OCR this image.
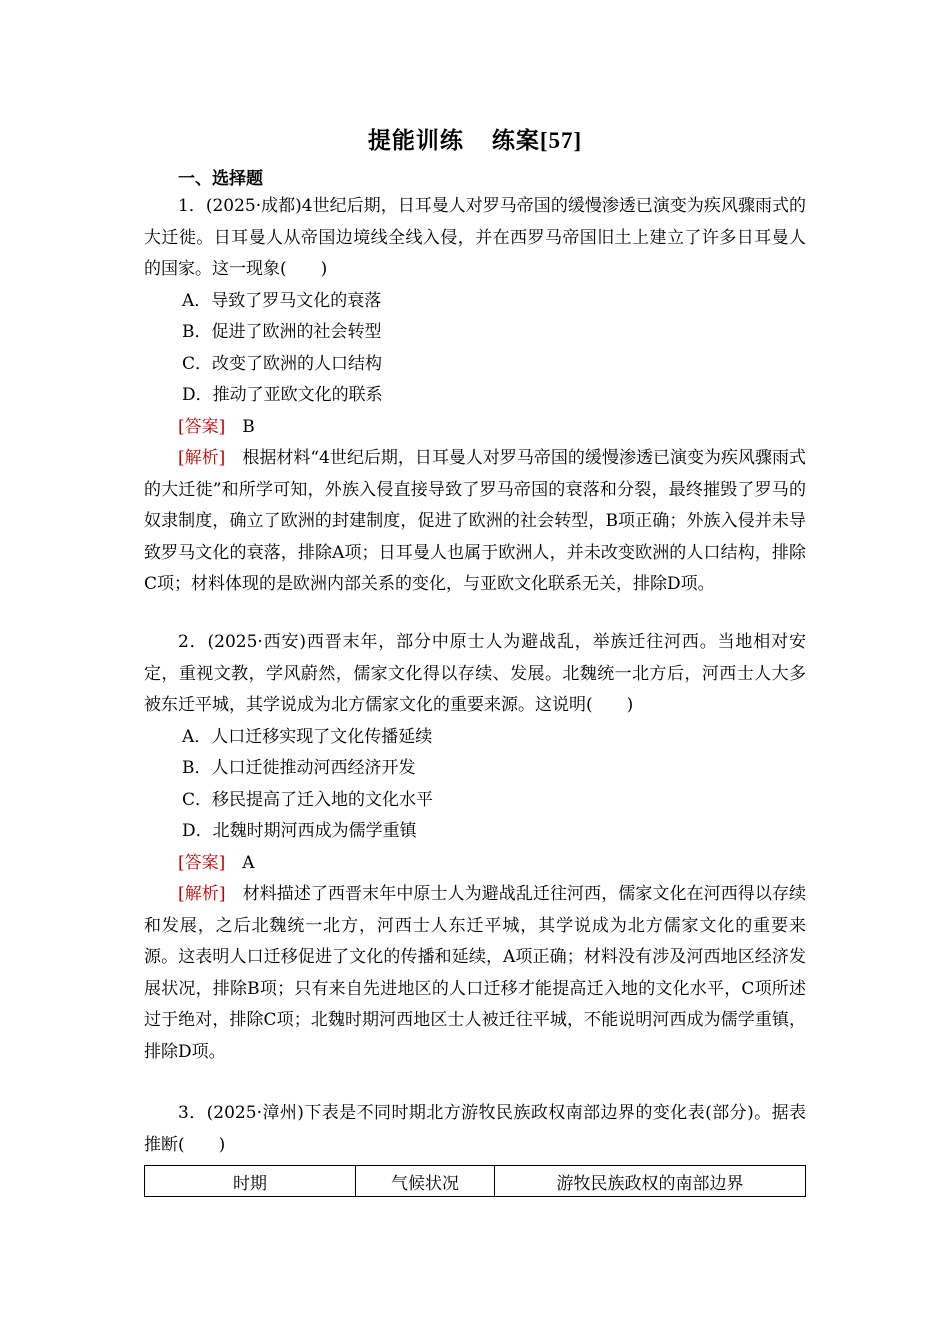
提能训练 练案[57]
一、选择题

1．(2025·成都)4世纪后期，日耳曼人对罗马帝国的缓慢渗透已演变为疾风骤雨式的大迁徙。日耳曼人从帝国边境线全线入侵，并在西罗马帝国旧土上建立了许多日耳曼人的国家。这一现象(　　)

A．导致了罗马文化的衰落

B．促进了欧洲的社会转型

C．改变了欧洲的人口结构

D．推动了亚欧文化的联系

[答案]　 B

[解析]　 根据材料“4世纪后期，日耳曼人对罗马帝国的缓慢渗透已演变为疾风骤雨式的大迁徙”和所学可知，外族入侵直接导致了罗马帝国的衰落和分裂，最终摧毁了罗马的奴隶制度，确立了欧洲的封建制度，促进了欧洲的社会转型，B项正确；外族入侵并未导致罗马文化的衰落，排除A项；日耳曼人也属于欧洲人，并未改变欧洲的人口结构，排除C项；材料体现的是欧洲内部关系的变化，与亚欧文化联系无关，排除D项。

2．(2025·西安)西晋末年，部分中原士人为避战乱，举族迁往河西。当地相对安定，重视文教，学风蔚然，儒家文化得以存续、发展。北魏统一北方后，河西士人大多被东迁平城，其学说成为北方儒家文化的重要来源。这说明(　　)

A．人口迁移实现了文化传播延续

B．人口迁徙推动河西经济开发

C．移民提高了迁入地的文化水平

D．北魏时期河西成为儒学重镇

[答案]　 A

[解析]　 材料描述了西晋末年中原士人为避战乱迁往河西，儒家文化在河西得以存续和发展，之后北魏统一北方，河西士人东迁平城，其学说成为北方儒家文化的重要来源。这表明人口迁移促进了文化的传播和延续，A项正确；材料没有涉及河西地区经济发展状况，排除B项；只有来自先进地区的人口迁移才能提高迁入地的文化水平，C项所述过于绝对，排除C项；北魏时期河西地区士人被迁往平城，不能说明河西成为儒学重镇，排除D项。

3．(2025·漳州)下表是不同时期北方游牧民族政权南部边界的变化表(部分)。据表推断(　　)

时期	气候状况	游牧民族政权的南部边界
